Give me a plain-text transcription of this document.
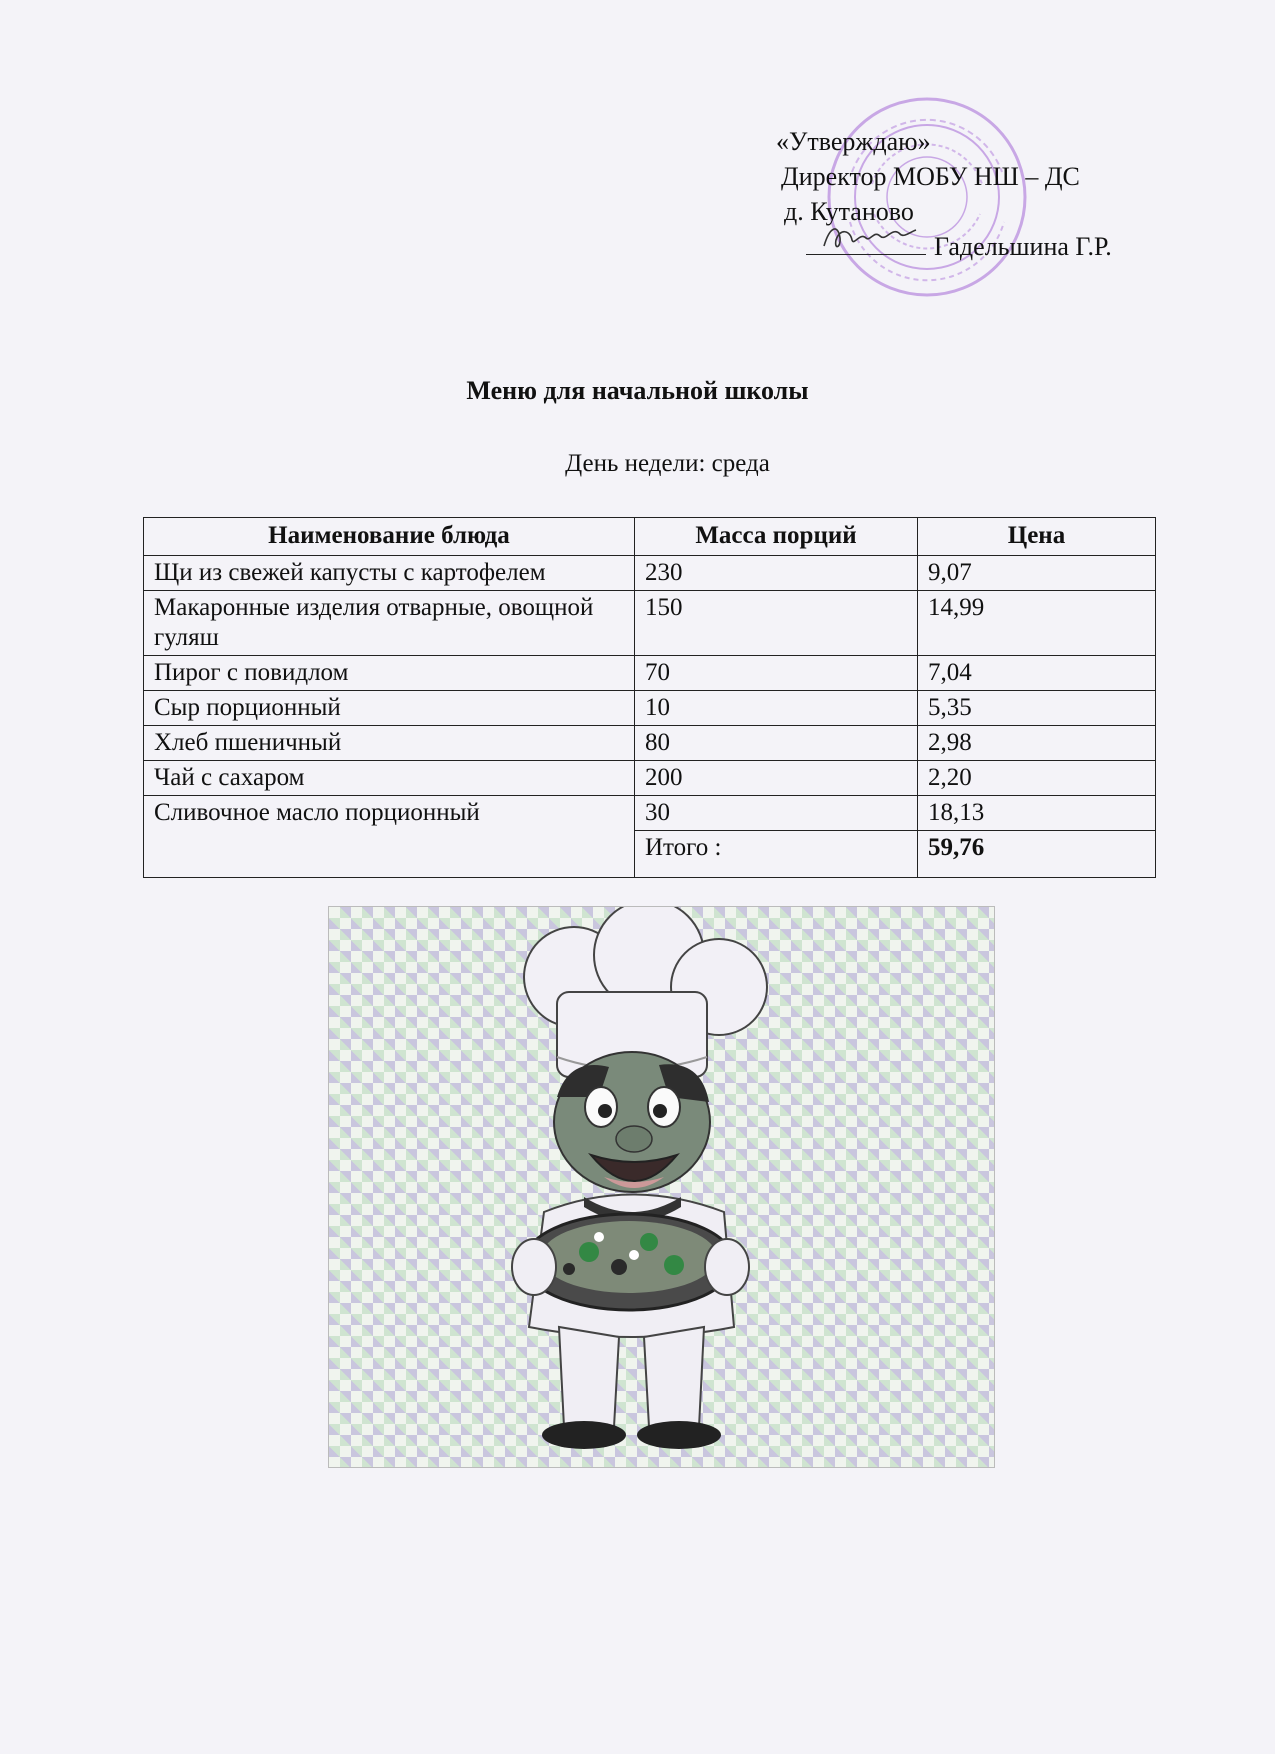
«Утверждаю»
Директор МОБУ НШ – ДС
д. Кутаново
Гадельшина Г.Р.
Меню для начальной школы
День недели: среда
Наименование блюда	Масса порций	Цена
Щи из свежей капусты с картофелем	230	9,07
Макаронные изделия отварные, овощной гуляш	150	14,99
Пирог с повидлом	70	7,04
Сыр порционный	10	5,35
Хлеб пшеничный	80	2,98
Чай с сахаром	200	2,20
Сливочное масло порционный	30	18,13
	Итого :	59,76
